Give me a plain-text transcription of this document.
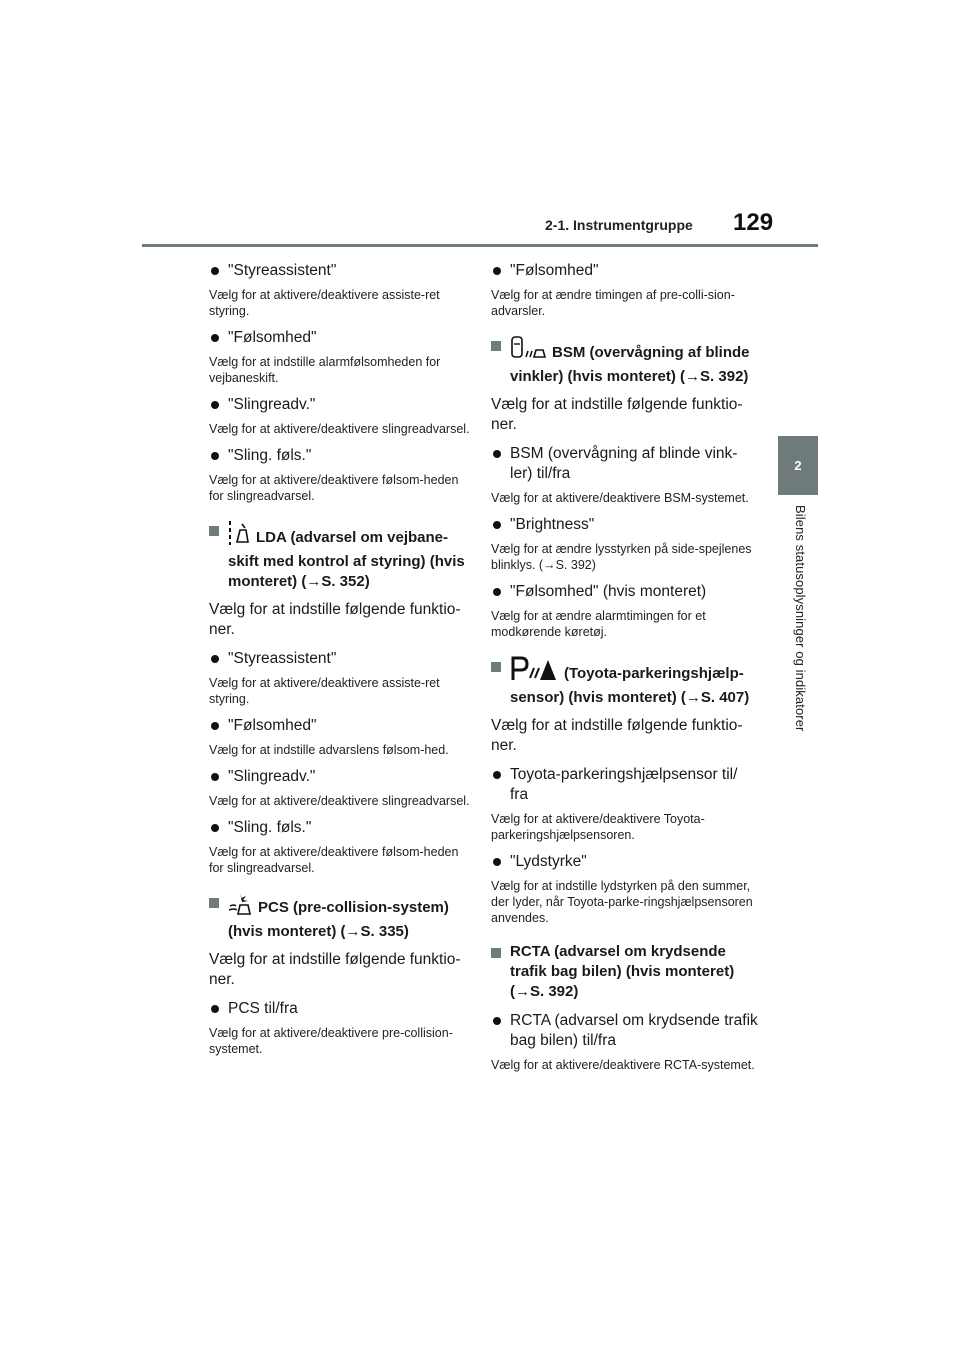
2-1. Instrumentgruppe 129
2
Bilens statusoplysninger og indikatorer
"Styreassistent"
Vælg for at aktivere/deaktivere assiste-ret styring.
"Følsomhed"
Vælg for at indstille alarmfølsomheden for vejbaneskift.
"Slingreadv."
Vælg for at aktivere/deaktivere slingreadvarsel.
"Sling. føls."
Vælg for at aktivere/deaktivere følsom-heden for slingreadvarsel.
LDA (advarsel om vejbane-skift med kontrol af styring) (hvis monteret) (→S. 352)
Vælg for at indstille følgende funktio-ner.
"Styreassistent"
Vælg for at aktivere/deaktivere assiste-ret styring.
"Følsomhed"
Vælg for at indstille advarslens følsom-hed.
"Slingreadv."
Vælg for at aktivere/deaktivere slingreadvarsel.
"Sling. føls."
Vælg for at aktivere/deaktivere følsom-heden for slingreadvarsel.
PCS (pre-collision-system) (hvis monteret) (→S. 335)
Vælg for at indstille følgende funktio-ner.
PCS til/fra
Vælg for at aktivere/deaktivere pre-collision-systemet.
"Følsomhed"
Vælg for at ændre timingen af pre-colli-sion-advarsler.
BSM (overvågning af blinde vinkler) (hvis monteret) (→S. 392)
Vælg for at indstille følgende funktio-ner.
BSM (overvågning af blinde vink-ler) til/fra
Vælg for at aktivere/deaktivere BSM-systemet.
"Brightness"
Vælg for at ændre lysstyrken på side-spejlenes blinklys. (→S. 392)
"Følsomhed" (hvis monteret)
Vælg for at ændre alarmtimingen for et modkørende køretøj.
(Toyota-parkeringshjælp-sensor) (hvis monteret) (→S. 407)
Vælg for at indstille følgende funktio-ner.
Toyota-parkeringshjælpsensor til/ fra
Vælg for at aktivere/deaktivere Toyota-parkeringshjælpsensoren.
"Lydstyrke"
Vælg for at indstille lydstyrken på den summer, der lyder, når Toyota-parke-ringshjælpsensoren anvendes.
RCTA (advarsel om krydsende trafik bag bilen) (hvis monteret) (→S. 392)
RCTA (advarsel om krydsende trafik bag bilen) til/fra
Vælg for at aktivere/deaktivere RCTA-systemet.
